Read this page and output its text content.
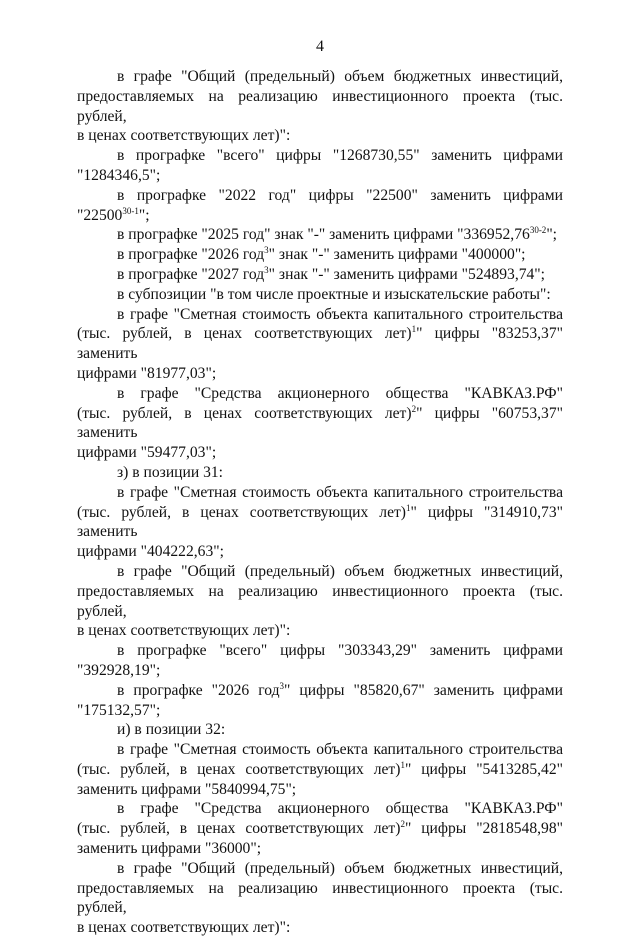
4
в графе "Общий (предельный) объем бюджетных инвестиций,
предоставляемых на реализацию инвестиционного проекта (тыс. рублей,
в ценах соответствующих лет)":
в прографке "всего" цифры "1268730,55" заменить цифрами
"1284346,5";
в прографке "2022 год" цифры "22500" заменить цифрами
"22500$^{30-1}$";
в прографке "2025 год" знак "-" заменить цифрами "336952,76$^{30-2}$";
в прографке "2026 год$^3$" знак "-" заменить цифрами "400000";
в прографке "2027 год$^3$" знак "-" заменить цифрами "524893,74";
в субпозиции "в том числе проектные и изыскательские работы":
в графе "Сметная стоимость объекта капитального строительства
(тыс. рублей, в ценах соответствующих лет)$^1$" цифры "83253,37" заменить
цифрами "81977,03";
в графе "Средства акционерного общества "КАВКАЗ.РФ"
(тыс. рублей, в ценах соответствующих лет)$^2$" цифры "60753,37" заменить
цифрами "59477,03";
з) в позиции 31:
в графе "Сметная стоимость объекта капитального строительства
(тыс. рублей, в ценах соответствующих лет)$^1$" цифры "314910,73" заменить
цифрами "404222,63";
в графе "Общий (предельный) объем бюджетных инвестиций,
предоставляемых на реализацию инвестиционного проекта (тыс. рублей,
в ценах соответствующих лет)":
в прографке "всего" цифры "303343,29" заменить цифрами
"392928,19";
в прографке "2026 год$^3$" цифры "85820,67" заменить цифрами
"175132,57";
и) в позиции 32:
в графе "Сметная стоимость объекта капитального строительства
(тыс. рублей, в ценах соответствующих лет)$^1$" цифры "5413285,42"
заменить цифрами "5840994,75";
в графе "Средства акционерного общества "КАВКАЗ.РФ"
(тыс. рублей, в ценах соответствующих лет)$^2$" цифры "2818548,98"
заменить цифрами "36000";
в графе "Общий (предельный) объем бюджетных инвестиций,
предоставляемых на реализацию инвестиционного проекта (тыс. рублей,
в ценах соответствующих лет)":
